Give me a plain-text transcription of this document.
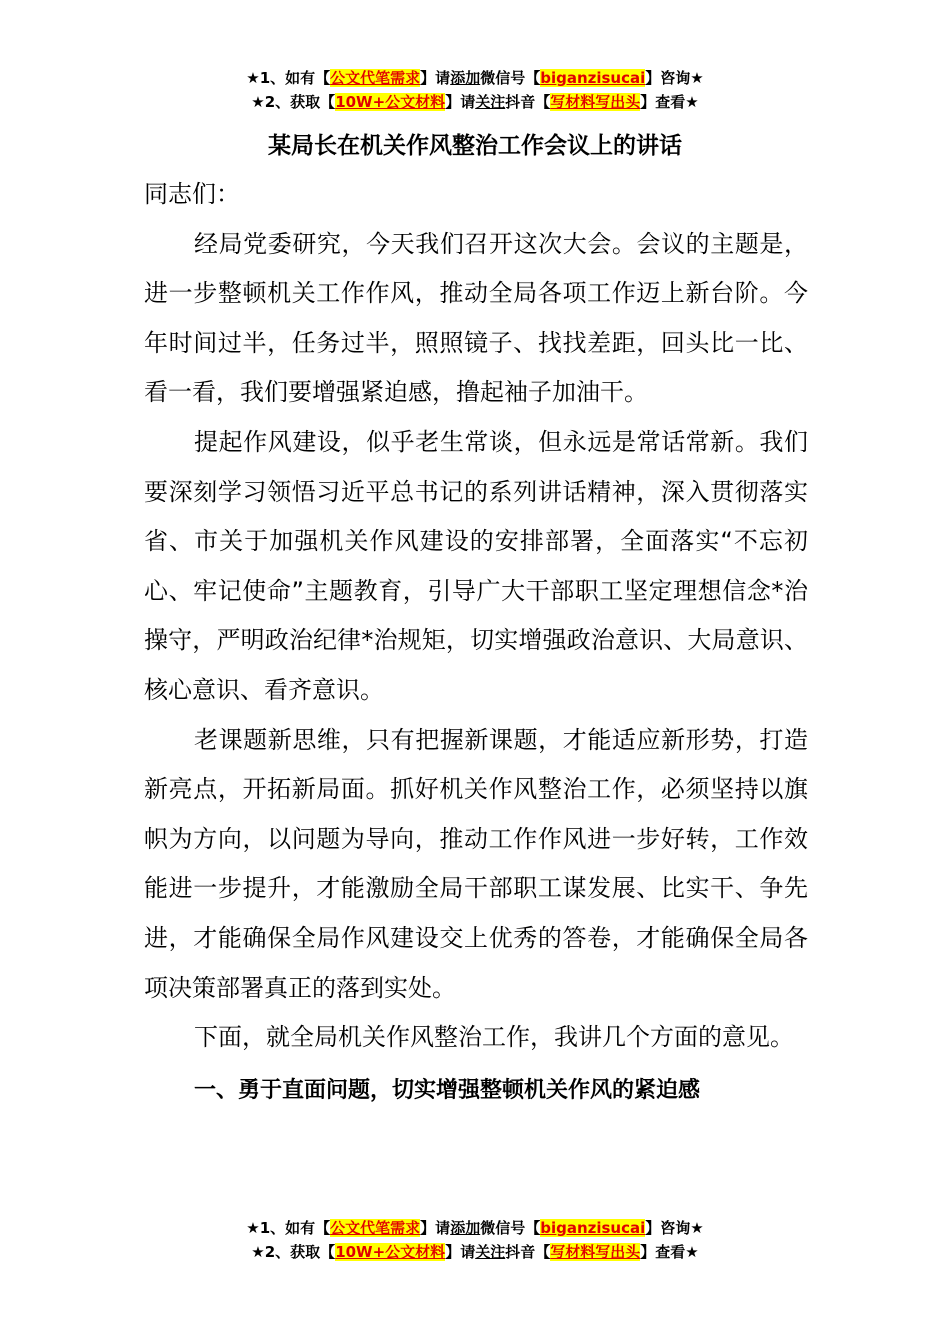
★1、如有【公文代笔需求】请添加微信号【biganzisucai】咨询★
★2、获取【10W+公文材料】请关注抖音【写材料写出头】查看★
某局长在机关作风整治工作会议上的讲话

同志们：

经局党委研究，今天我们召开这次大会。会议的主题是，进一步整顿机关工作作风，推动全局各项工作迈上新台阶。今年时间过半，任务过半，照照镜子、找找差距，回头比一比、看一看，我们要增强紧迫感，撸起袖子加油干。

提起作风建设，似乎老生常谈，但永远是常话常新。我们要深刻学习领悟习近平总书记的系列讲话精神，深入贯彻落实省、市关于加强机关作风建设的安排部署，全面落实“不忘初心、牢记使命”主题教育，引导广大干部职工坚定理想信念*治操守，严明政治纪律*治规矩，切实增强政治意识、大局意识、核心意识、看齐意识。

老课题新思维，只有把握新课题，才能适应新形势，打造新亮点，开拓新局面。抓好机关作风整治工作，必须坚持以旗帜为方向，以问题为导向，推动工作作风进一步好转，工作效能进一步提升，才能激励全局干部职工谋发展、比实干、争先进，才能确保全局作风建设交上优秀的答卷，才能确保全局各项决策部署真正的落到实处。

下面，就全局机关作风整治工作，我讲几个方面的意见。

一、勇于直面问题，切实增强整顿机关作风的紧迫感
★1、如有【公文代笔需求】请添加微信号【biganzisucai】咨询★
★2、获取【10W+公文材料】请关注抖音【写材料写出头】查看★
